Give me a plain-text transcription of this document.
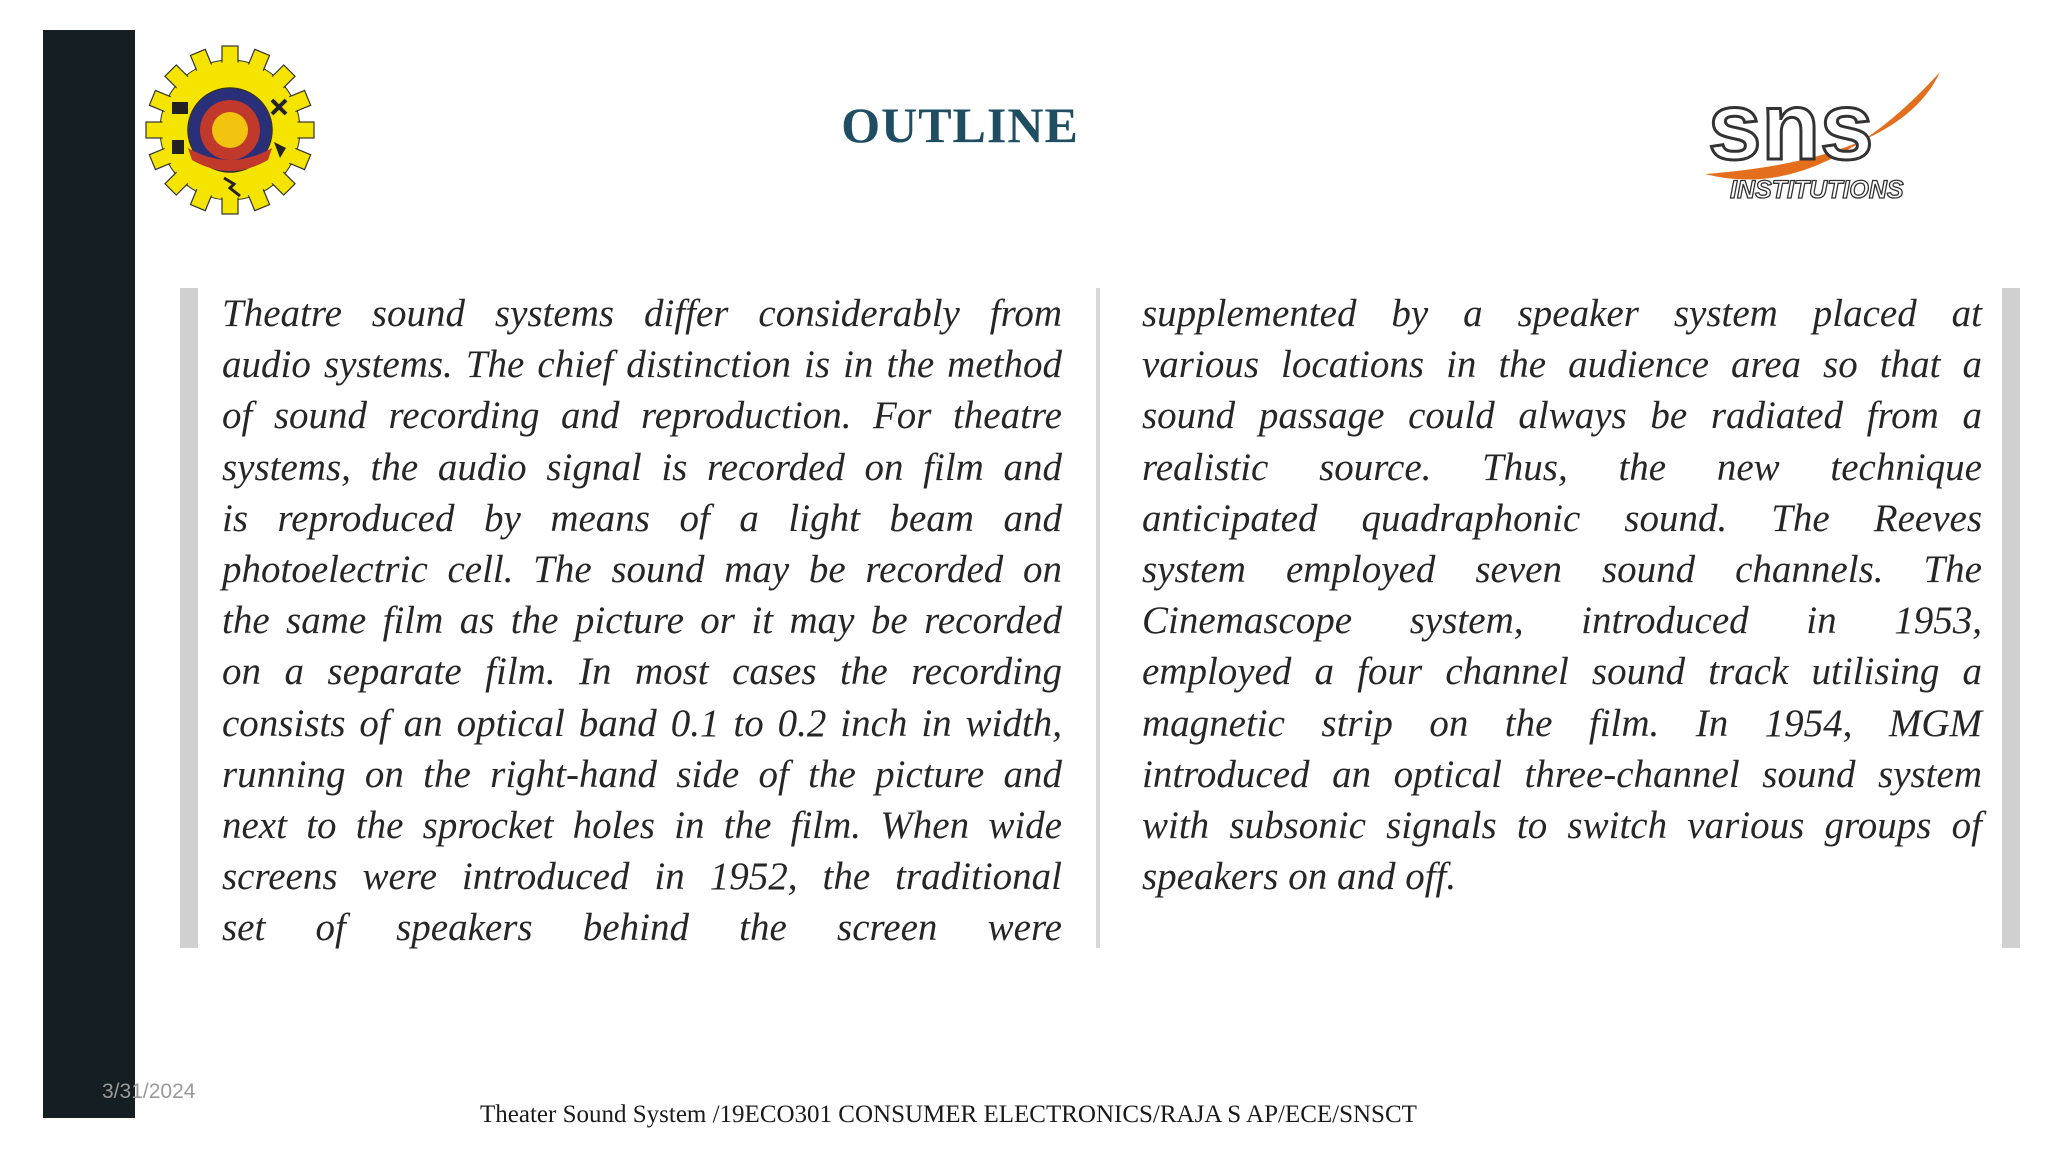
sns
INSTITUTIONS
OUTLINE
Theatre sound systems differ considerably from
audio systems. The chief distinction is in the method
of sound recording and reproduction. For theatre
systems, the audio signal is recorded on film and
is reproduced by means of a light beam and
photoelectric cell. The sound may be recorded on
the same film as the picture or it may be recorded
on a separate film. In most cases the recording
consists of an optical band 0.1 to 0.2 inch in width,
running on the right-hand side of the picture and
next to the sprocket holes in the film. When wide
screens were introduced in 1952, the traditional
set of speakers behind the screen were
supplemented by a speaker system placed at
various locations in the audience area so that a
sound passage could always be radiated from a
realistic source. Thus, the new technique
anticipated quadraphonic sound. The Reeves
system employed seven sound channels. The
Cinemascope system, introduced in 1953,
employed a four channel sound track utilising a
magnetic strip on the film. In 1954, MGM
introduced an optical three-channel sound system
with subsonic signals to switch various groups of
speakers on and off.
3/31/2024
Theater Sound System /19ECO301 CONSUMER ELECTRONICS/RAJA S AP/ECE/SNSCT
